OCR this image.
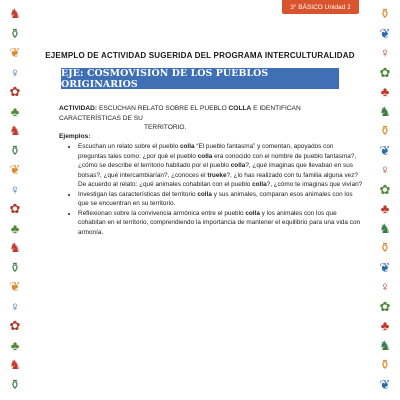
♞
⚱
❦
♀
✿
♣
♞
⚱
❦
♀
✿
♣
♞
⚱
❦
♀
✿
♣
♞
⚱
⚱
❦
♀
✿
♣
♞
⚱
❦
♀
✿
♣
♞
⚱
❦
♀
✿
♣
♞
⚱
❦
3° BÁSICO Unidad 2
EJEMPLO DE ACTIVIDAD SUGERIDA DEL PROGRAMA INTERCULTURALIDAD
EJE: COSMOVISIÓN DE LOS PUEBLOS ORIGINARIOS
ACTIVIDAD: ESCUCHAN RELATO SOBRE EL PUEBLO COLLA E IDENTIFICAN CARACTERÍSTICAS DE SU
TERRITORIO.
Ejemplos:
• Escuchan un relato sobre el pueblo colla “El pueblo fantasma” y comentan, apoyados con preguntas tales como: ¿por qué el pueblo colla era conocido con el nombre de pueblo fantasma?, ¿cómo se describe el territorio habitado por el pueblo colla?, ¿qué imaginas que llevaban en sus bolsas?, ¿qué intercambiarían?, ¿conoces el trueke?, ¿lo has realizado con tu familia alguna vez? De acuerdo al relato: ¿qué animales cohabitan con el pueblo colla?, ¿cómo te imaginas que vivían?
• Investigan las características del territorio colla y sus animales, comparan esos animales con los que se encuentran en su territorio.
• Reflexionan sobre la convivencia armónica entre el pueblo colla y los animales con los que cohabitan en el territorio, comprendiendo la importancia de mantener el equilibrio para una vida con armonía.
